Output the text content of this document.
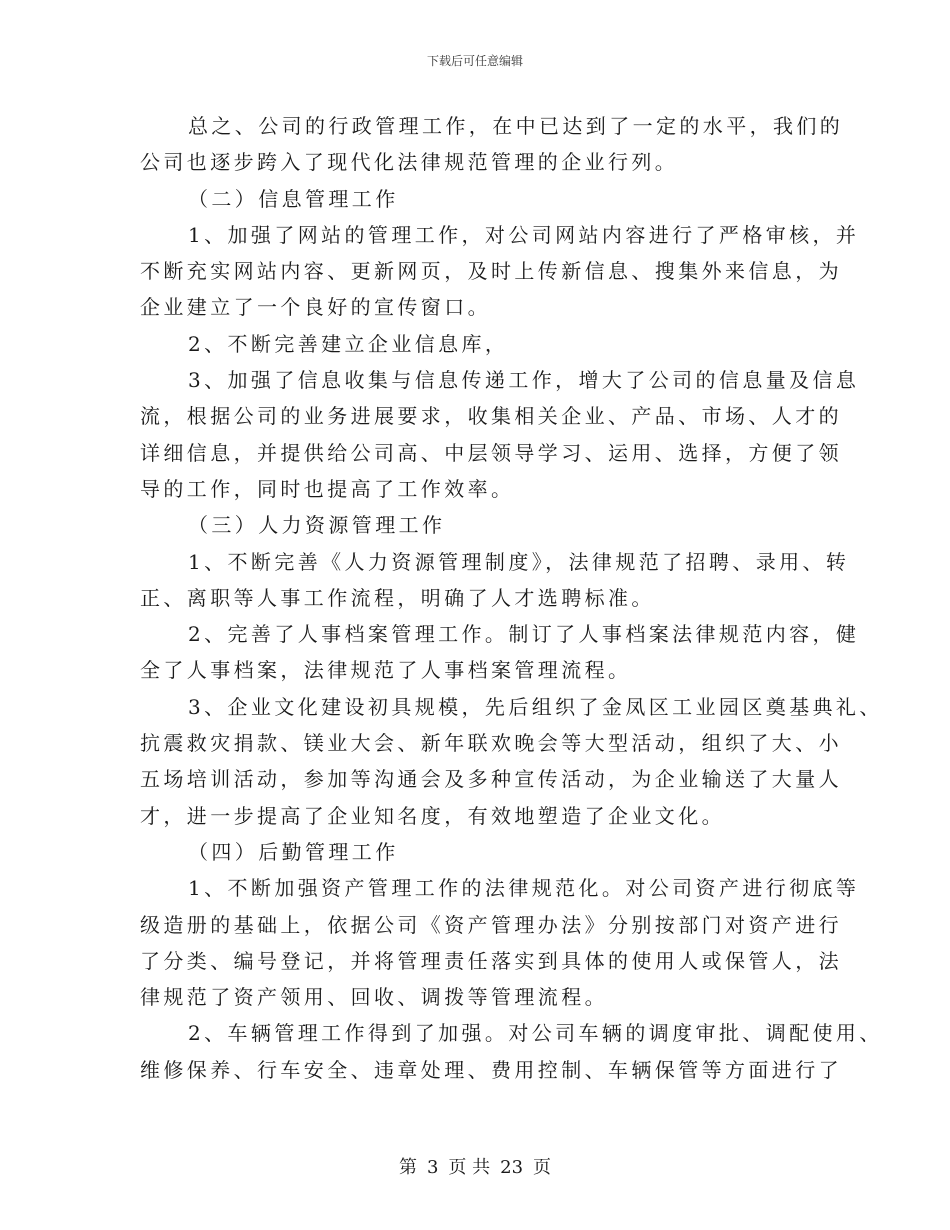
下载后可任意编辑
总之、公司的行政管理工作，在中已达到了一定的水平，我们的
公司也逐步跨入了现代化法律规范管理的企业行列。
（二）信息管理工作
1、加强了网站的管理工作，对公司网站内容进行了严格审核，并
不断充实网站内容、更新网页，及时上传新信息、搜集外来信息，为
企业建立了一个良好的宣传窗口。
2、不断完善建立企业信息库，
3、加强了信息收集与信息传递工作，增大了公司的信息量及信息
流，根据公司的业务进展要求，收集相关企业、产品、市场、人才的
详细信息，并提供给公司高、中层领导学习、运用、选择，方便了领
导的工作，同时也提高了工作效率。
（三）人力资源管理工作
1、不断完善《人力资源管理制度》，法律规范了招聘、录用、转
正、离职等人事工作流程，明确了人才选聘标准。
2、完善了人事档案管理工作。制订了人事档案法律规范内容，健
全了人事档案，法律规范了人事档案管理流程。
3、企业文化建设初具规模，先后组织了金凤区工业园区奠基典礼、
抗震救灾捐款、镁业大会、新年联欢晚会等大型活动，组织了大、小
五场培训活动，参加等沟通会及多种宣传活动，为企业输送了大量人
才，进一步提高了企业知名度，有效地塑造了企业文化。
（四）后勤管理工作
1、不断加强资产管理工作的法律规范化。对公司资产进行彻底等
级造册的基础上，依据公司《资产管理办法》分别按部门对资产进行
了分类、编号登记，并将管理责任落实到具体的使用人或保管人，法
律规范了资产领用、回收、调拨等管理流程。
2、车辆管理工作得到了加强。对公司车辆的调度审批、调配使用、
维修保养、行车安全、违章处理、费用控制、车辆保管等方面进行了
第 3 页 共 23 页
